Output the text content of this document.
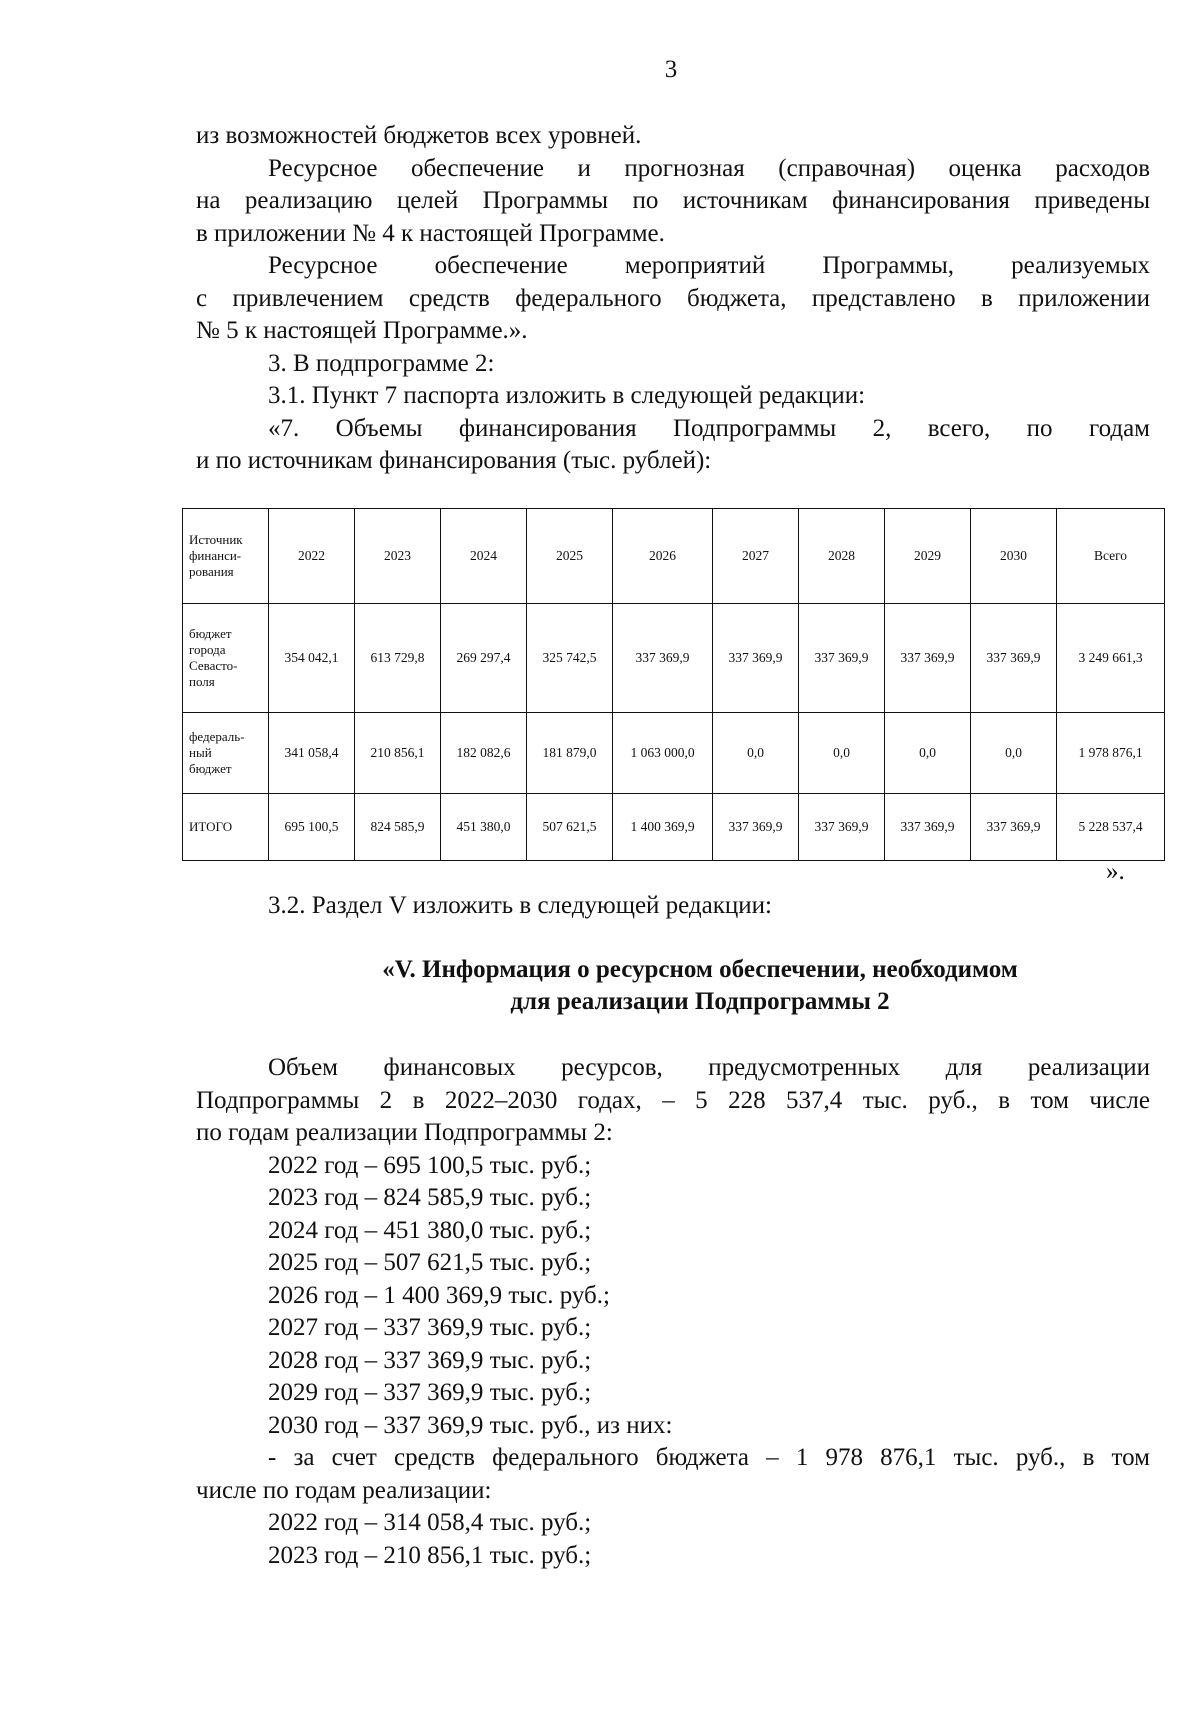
3
из возможностей бюджетов всех уровней.
Ресурсное обеспечение и прогнозная (справочная) оценка расходов
на реализацию целей Программы по источникам финансирования приведены
в приложении № 4 к настоящей Программе.
Ресурсное обеспечение мероприятий Программы, реализуемых
с привлечением средств федерального бюджета, представлено в приложении
№ 5 к настоящей Программе.».
3. В подпрограмме 2:
3.1. Пункт 7 паспорта изложить в следующей редакции:
«7. Объемы финансирования Подпрограммы 2, всего, по годам
и по источникам финансирования (тыс. рублей):
Источник
финанси-
рования	2022	2023	2024	2025	2026	2027	2028	2029	2030	Всего

бюджет
города
Севасто-
поля	354 042,1	613 729,8	269 297,4	325 742,5	337 369,9	337 369,9	337 369,9	337 369,9	337 369,9	3 249 661,3

федераль-
ный
бюджет	341 058,4	210 856,1	182 082,6	181 879,0	1 063 000,0	0,0	0,0	0,0	0,0	1 978 876,1

ИТОГО	695 100,5	824 585,9	451 380,0	507 621,5	1 400 369,9	337 369,9	337 369,9	337 369,9	337 369,9	5 228 537,4
».
3.2. Раздел V изложить в следующей редакции:
«V. Информация о ресурсном обеспечении, необходимом
для реализации Подпрограммы 2
Объем финансовых ресурсов, предусмотренных для реализации
Подпрограммы 2 в 2022–2030 годах, – 5 228 537,4 тыс. руб., в том числе
по годам реализации Подпрограммы 2:
2022 год – 695 100,5 тыс. руб.;
2023 год – 824 585,9 тыс. руб.;
2024 год – 451 380,0 тыс. руб.;
2025 год – 507 621,5 тыс. руб.;
2026 год – 1 400 369,9 тыс. руб.;
2027 год – 337 369,9 тыс. руб.;
2028 год – 337 369,9 тыс. руб.;
2029 год – 337 369,9 тыс. руб.;
2030 год – 337 369,9 тыс. руб., из них:
- за счет средств федерального бюджета – 1 978 876,1 тыс. руб., в том
числе по годам реализации:
2022 год – 314 058,4 тыс. руб.;
2023 год – 210 856,1 тыс. руб.;
